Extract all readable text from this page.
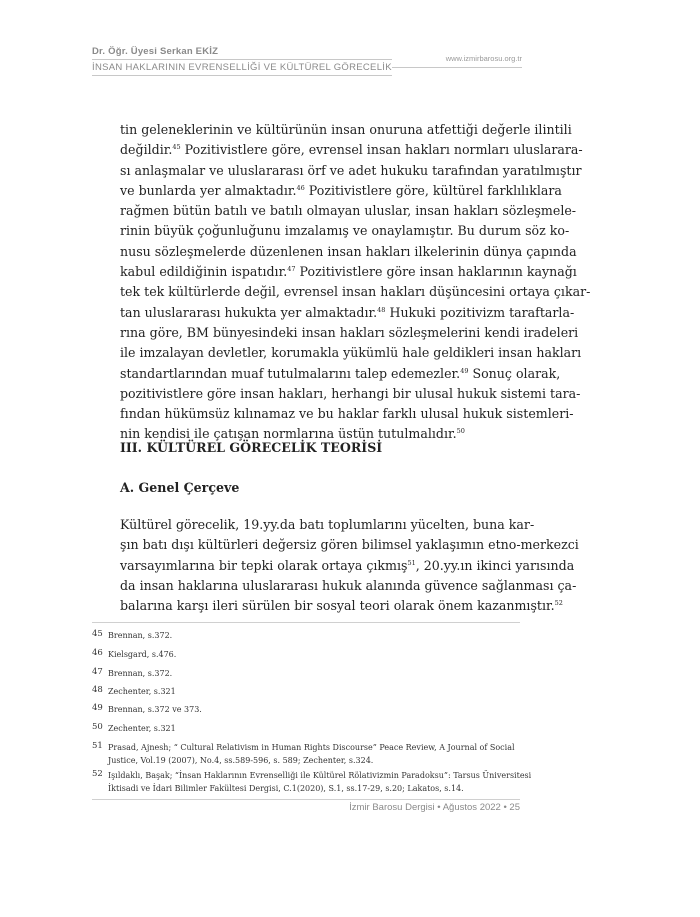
Dr. Öğr. Üyesi Serkan EKİZ
İNSAN HAKLARININ EVRENSELLİĞİ VE KÜLTÜREL GÖRECELİK
www.izmirbarosu.org.tr
tin geleneklerinin ve kültürünün insan onuruna atfettiği değerle ilintili
değildir.$^{45}$ Pozitivistlere göre, evrensel insan hakları normları uluslarara-
sı anlaşmalar ve uluslararası örf ve adet hukuku tarafından yaratılmıştır
ve bunlarda yer almaktadır.$^{46}$ Pozitivistlere göre, kültürel farklılıklara
rağmen bütün batılı ve batılı olmayan uluslar, insan hakları sözleşmele-
rinin büyük çoğunluğunu imzalamış ve onaylamıştır. Bu durum söz ko-
nusu sözleşmelerde düzenlenen insan hakları ilkelerinin dünya çapında
kabul edildiğinin ispatıdır.$^{47}$ Pozitivistlere göre insan haklarının kaynağı
tek tek kültürlerde değil, evrensel insan hakları düşüncesini ortaya çıkar-
tan uluslararası hukukta yer almaktadır.$^{48}$ Hukuki pozitivizm taraftarla-
rına göre, BM bünyesindeki insan hakları sözleşmelerini kendi iradeleri
ile imzalayan devletler, korumakla yükümlü hale geldikleri insan hakları
standartlarından muaf tutulmalarını talep edemezler.$^{49}$ Sonuç olarak,
pozitivistlere göre insan hakları, herhangi bir ulusal hukuk sistemi tara-
fından hükümsüz kılınamaz ve bu haklar farklı ulusal hukuk sistemleri-
nin kendisi ile çatışan normlarına üstün tutulmalıdır.$^{50}$
III. KÜLTÜREL GÖRECELİK TEORİSİ
A. Genel Çerçeve
Kültürel görecelik, 19.yy.da batı toplumlarını yücelten, buna kar-
şın batı dışı kültürleri değersiz gören bilimsel yaklaşımın etno-merkezci
varsayımlarına bir tepki olarak ortaya çıkmış$^{51}$, 20.yy.ın ikinci yarısında
da insan haklarına uluslararası hukuk alanında güvence sağlanması ça-
balarına karşı ileri sürülen bir sosyal teori olarak önem kazanmıştır.$^{52}$
45 Brennan, s.372.
46 Kielsgard, s.476.
47 Brennan, s.372.
48 Zechenter, s.321
49 Brennan, s.372 ve 373.
50 Zechenter, s.321
51 Prasad, Ajnesh; “ Cultural Relativism in Human Rights Discourse” Peace Review, A Journal of Social
Justice, Vol.19 (2007), No.4, ss.589-596, s. 589; Zechenter, s.324.
52 Işıldaklı, Başak; “İnsan Haklarının Evrenselliği ile Kültürel Rölativizmin Paradoksu”: Tarsus Üniversitesi
İktisadi ve İdari Bilimler Fakültesi Dergisi, C.1(2020), S.1, ss.17-29, s.20; Lakatos, s.14.
İzmir Barosu Dergisi • Ağustos 2022 • 25
